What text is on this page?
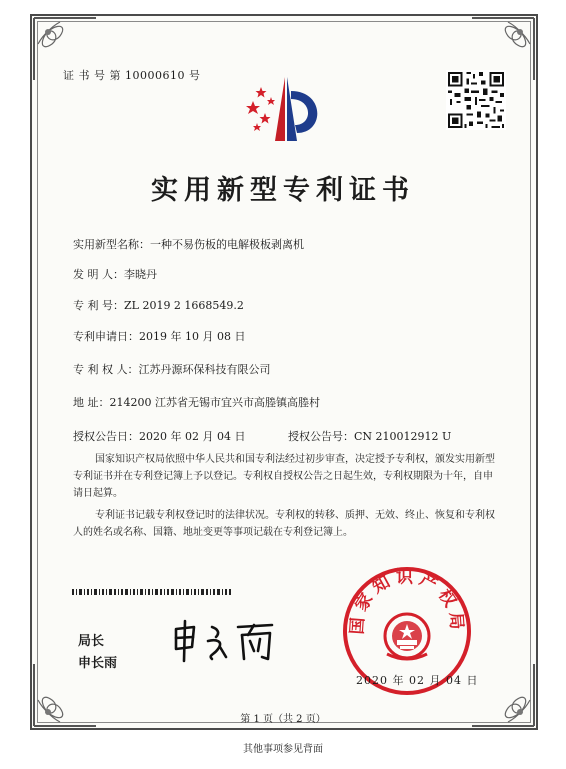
证 书 号 第 10000610 号
实用新型专利证书
实用新型名称：一种不易伤板的电解极板剥离机
发 明 人：李晓丹
专 利 号：ZL 2019 2 1668549.2
专利申请日：2019 年 10 月 08 日
专 利 权 人：江苏丹源环保科技有限公司
地 址：214200 江苏省无锡市宜兴市高塍镇高塍村
授权公告日：2020 年 02 月 04 日	授权公告号：CN 210012912 U
国家知识产权局依照中华人民共和国专利法经过初步审查，决定授予专利权，颁发实用新型专利证书并在专利登记簿上予以登记。专利权自授权公告之日起生效，专利权期限为十年，自申请日起算。
专利证书记载专利权登记时的法律状况。专利权的转移、质押、无效、终止、恢复和专利权人的姓名或名称、国籍、地址变更等事项记载在专利登记簿上。
局长
申长雨
国家知识产权局
2020 年 02 月 04 日
第 1 页（共 2 页）
其他事项参见背面
